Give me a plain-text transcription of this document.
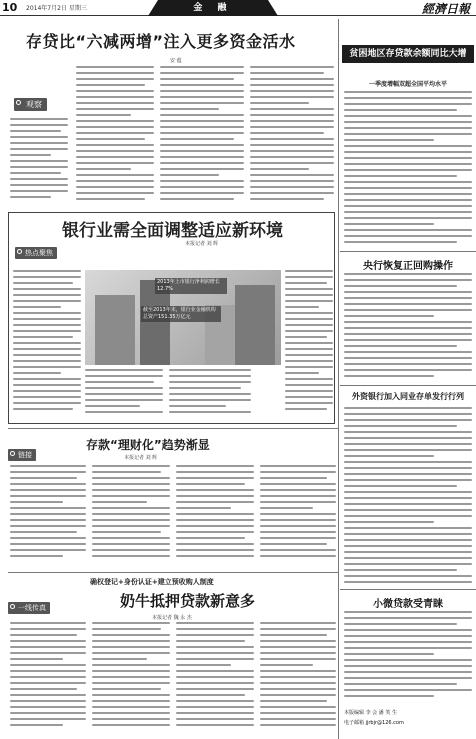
10 2014年7月2日 星期三	金 融	經濟日報
存贷比“六减两增”注入更多资金活水
安 蕴
观察
银行业需全面调整适应新环境
本报记者 刘 辉
热点聚焦
2013年上市银行净利润增长12.7%
截至2013年末，银行业金融机构总资产151.35万亿元
存款“理财化”趋势渐显
本报记者 刘 辉
链接
确权登记+身份认证+建立预收购人制度
奶牛抵押贷款新意多
本报记者 魏 永 杰
一线传真
贫困地区存贷款余额同比大增
一季度增幅双超全国平均水平
央行恢复正回购操作
外资银行加入同业存单发行行列
小微贷款受青睐
本版编辑 李 会 潘 笑 生
电子邮箱 jjrbjr@126.com
